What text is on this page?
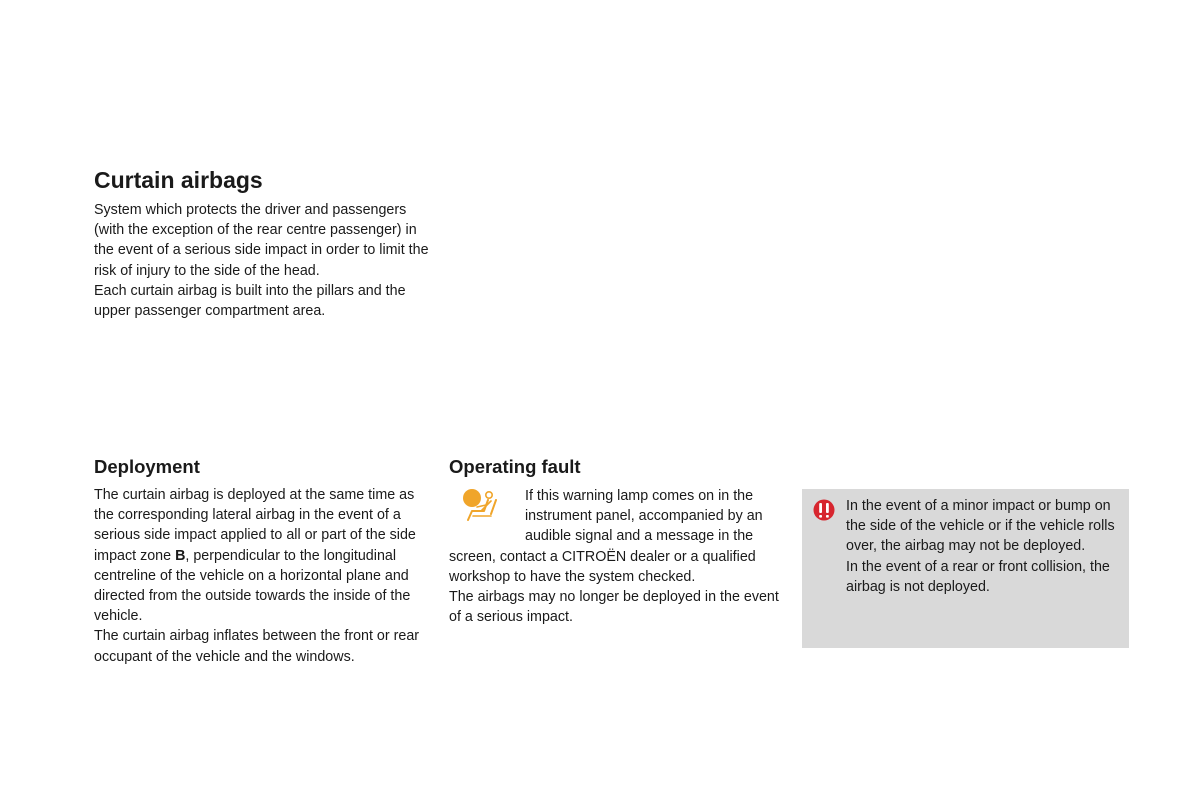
Curtain airbags

System which protects the driver and passengers (with the exception of the rear centre passenger) in the event of a serious side impact in order to limit the risk of injury to the side of the head.
Each curtain airbag is built into the pillars and the upper passenger compartment area.

Deployment

The curtain airbag is deployed at the same time as the corresponding lateral airbag in the event of a serious side impact applied to all or part of the side impact zone B, perpendicular to the longitudinal centreline of the vehicle on a horizontal plane and directed from the outside towards the inside of the vehicle.
The curtain airbag inflates between the front or rear occupant of the vehicle and the windows.

Operating fault

If this warning lamp comes on in the instrument panel, accompanied by an audible signal and a message in the screen, contact a CITROËN dealer or a qualified workshop to have the system checked.
The airbags may no longer be deployed in the event of a serious impact.

In the event of a minor impact or bump on the side of the vehicle or if the vehicle rolls over, the airbag may not be deployed.
In the event of a rear or front collision, the airbag is not deployed.
